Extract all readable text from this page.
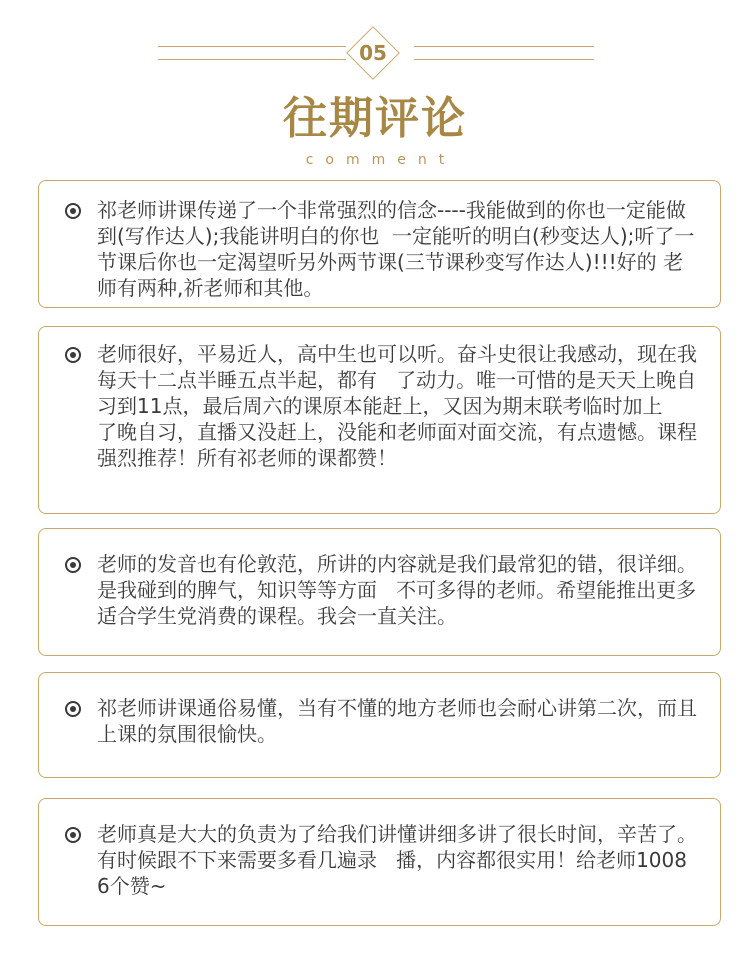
05
往期评论
comment
祁老师讲课传递了一个非常强烈的信念----我能做到的你也一定能做到(写作达人);我能讲明白的你也  一定能听的明白(秒变达人);听了一节课后你也一定渴望听另外两节课(三节课秒变写作达人)!!!好的 老师有两种,祈老师和其他。
老师很好，平易近人，高中生也可以听。奋斗史很让我感动，现在我每天十二点半睡五点半起，都有   了动力。唯一可惜的是天天上晚自习到11点，最后周六的课原本能赶上，又因为期末联考临时加上   了晚自习，直播又没赶上，没能和老师面对面交流，有点遗憾。课程强烈推荐！所有祁老师的课都赞！
老师的发音也有伦敦范，所讲的内容就是我们最常犯的错，很详细。是我碰到的脾气，知识等等方面   不可多得的老师。希望能推出更多适合学生党消费的课程。我会一直关注。
祁老师讲课通俗易懂，当有不懂的地方老师也会耐心讲第二次，而且上课的氛围很愉快。
老师真是大大的负责为了给我们讲懂讲细多讲了很长时间，辛苦了。有时候跟不下来需要多看几遍录   播，内容都很实用！给老师10086个赞~
